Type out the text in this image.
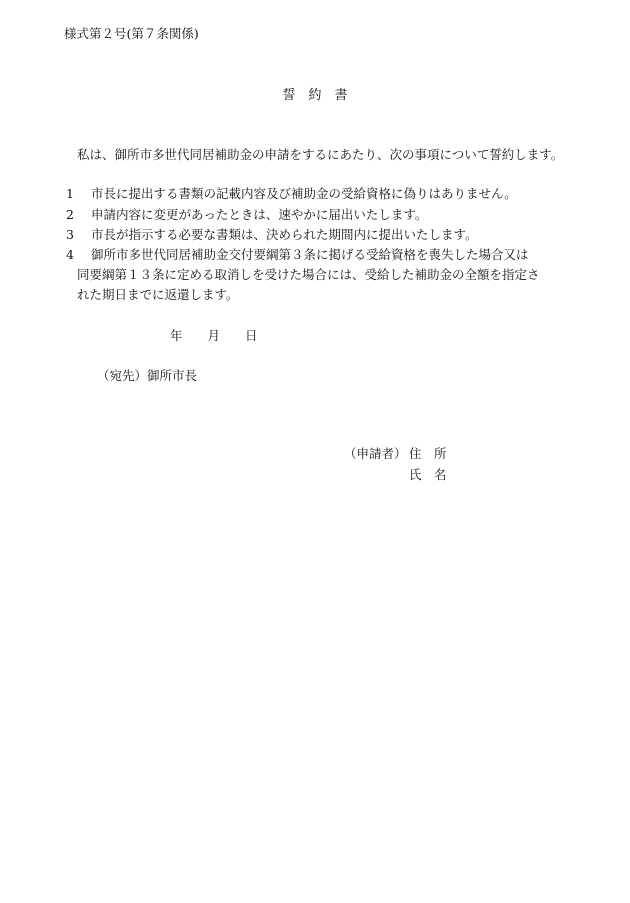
様式第２号(第７条関係)
誓　約　書
私は、御所市多世代同居補助金の申請をするにあたり、次の事項について誓約します。
1 市長に提出する書類の記載内容及び補助金の受給資格に偽りはありません。
2 申請内容に変更があったときは、速やかに届出いたします。
3 市長が指示する必要な書類は、決められた期間内に提出いたします。
4 御所市多世代同居補助金交付要綱第３条に掲げる受給資格を喪失した場合又は
同要綱第１３条に定める取消しを受けた場合には、受給した補助金の全額を指定さ
れた期日までに返還します。
年　　月　　日
（宛先）御所市長
（申請者） 住　所
氏　名
